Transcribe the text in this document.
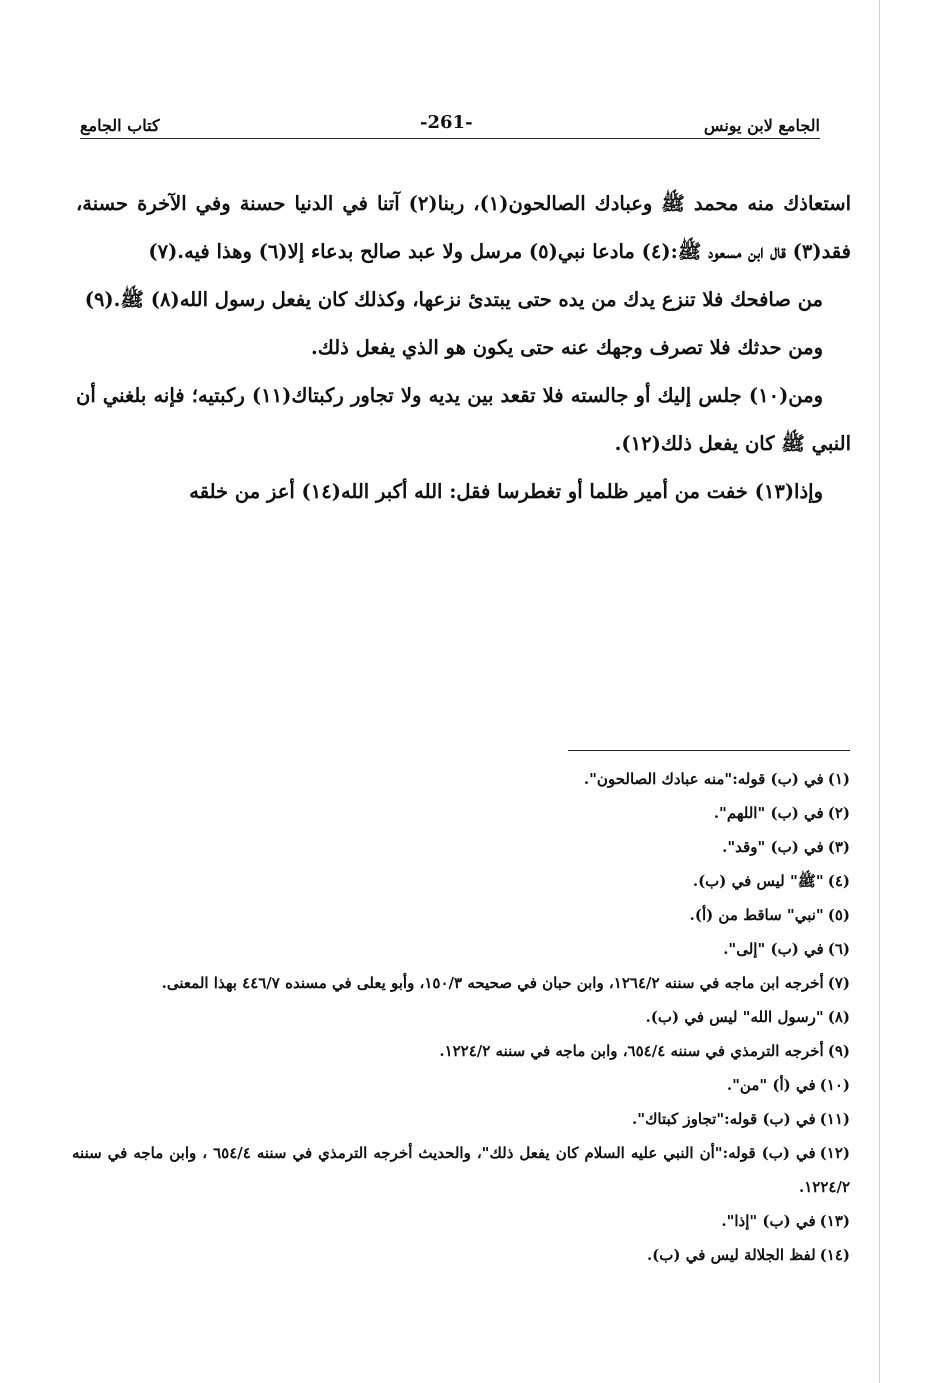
الجامع لابن يونس
-261-
كتاب الجامع

استعاذك منه محمد ﷺ وعبادك الصالحون(١)، ربنا(٢) آتنا في الدنيا حسنة وفي الآخرة حسنة، فقد(٣) قال ابن مسعود ﷺ:(٤) مادعا نبي(٥) مرسل ولا عبد صالح بدعاء إلا(٦) وهذا فيه.(٧)

من صافحك فلا تنزع يدك من يده حتى يبتدئ نزعها، وكذلك كان يفعل رسول الله(٨) ﷺ.(٩)

ومن حدثك فلا تصرف وجهك عنه حتى يكون هو الذي يفعل ذلك.

ومن(١٠) جلس إليك أو جالسته فلا تقعد بين يديه ولا تجاور ركبتاك(١١) ركبتيه؛ فإنه بلغني أن النبي ﷺ كان يفعل ذلك(١٢).

وإذا(١٣) خفت من أمير ظلما أو تغطرسا فقل: الله أكبر الله(١٤) أعز من خلقه

(١)في (ب) قوله:"منه عبادك الصالحون".

(٢)في (ب) "اللهم".

(٣)في (ب) "وقد".

(٤)"ﷺ" ليس في (ب).

(٥)"نبي" ساقط من (أ).

(٦)في (ب) "إلى".

(٧)أخرجه ابن ماجه في سننه ١٢٦٤/٢، وابن حبان في صحيحه ١٥٠/٣، وأبو يعلى في مسنده ٤٤٦/٧ بهذا المعنى.

(٨)"رسول الله" ليس في (ب).

(٩)أخرجه الترمذي في سننه ٦٥٤/٤، وابن ماجه في سننه ١٢٢٤/٢.

(١٠)في (أ) "من".

(١١)في (ب) قوله:"تجاوز كبتاك".

(١٢)في (ب) قوله:"أن النبي عليه السلام كان يفعل ذلك"، والحديث أخرجه الترمذي في سننه ٦٥٤/٤ ، وابن ماجه في سننه ١٢٢٤/٢.

(١٣)في (ب) "إذا".

(١٤)لفظ الجلالة ليس في (ب).
